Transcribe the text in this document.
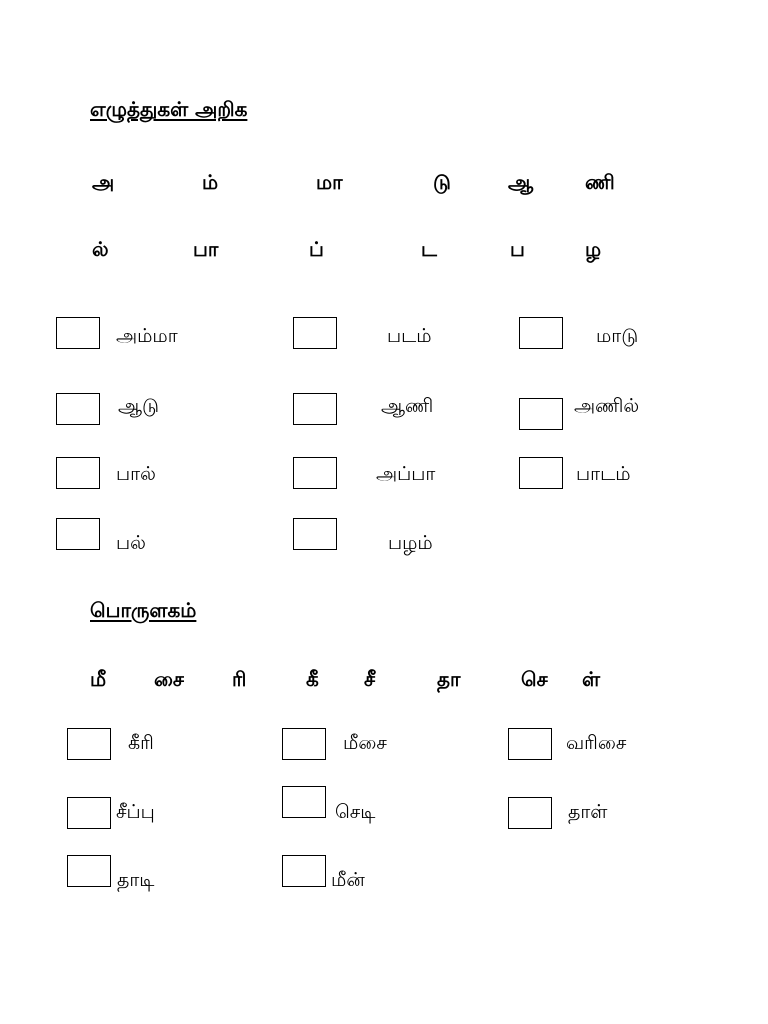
எழுத்துகள் அறிக
அ	ம்	மா	டு	ஆ	ணி
ல்	பா	ப்	ட	ப	ழ
அம்மா	படம்	மாடு
ஆடு	ஆணி	அணில்
பால்	அப்பா	பாடம்
பல்	பழம்
பொருளகம்
மீ சை ரி	கீ சீ	தா	செ ள்
கீரி	மீசை	வரிசை
சீப்பு	செடி	தாள்
தாடி	மீன்
